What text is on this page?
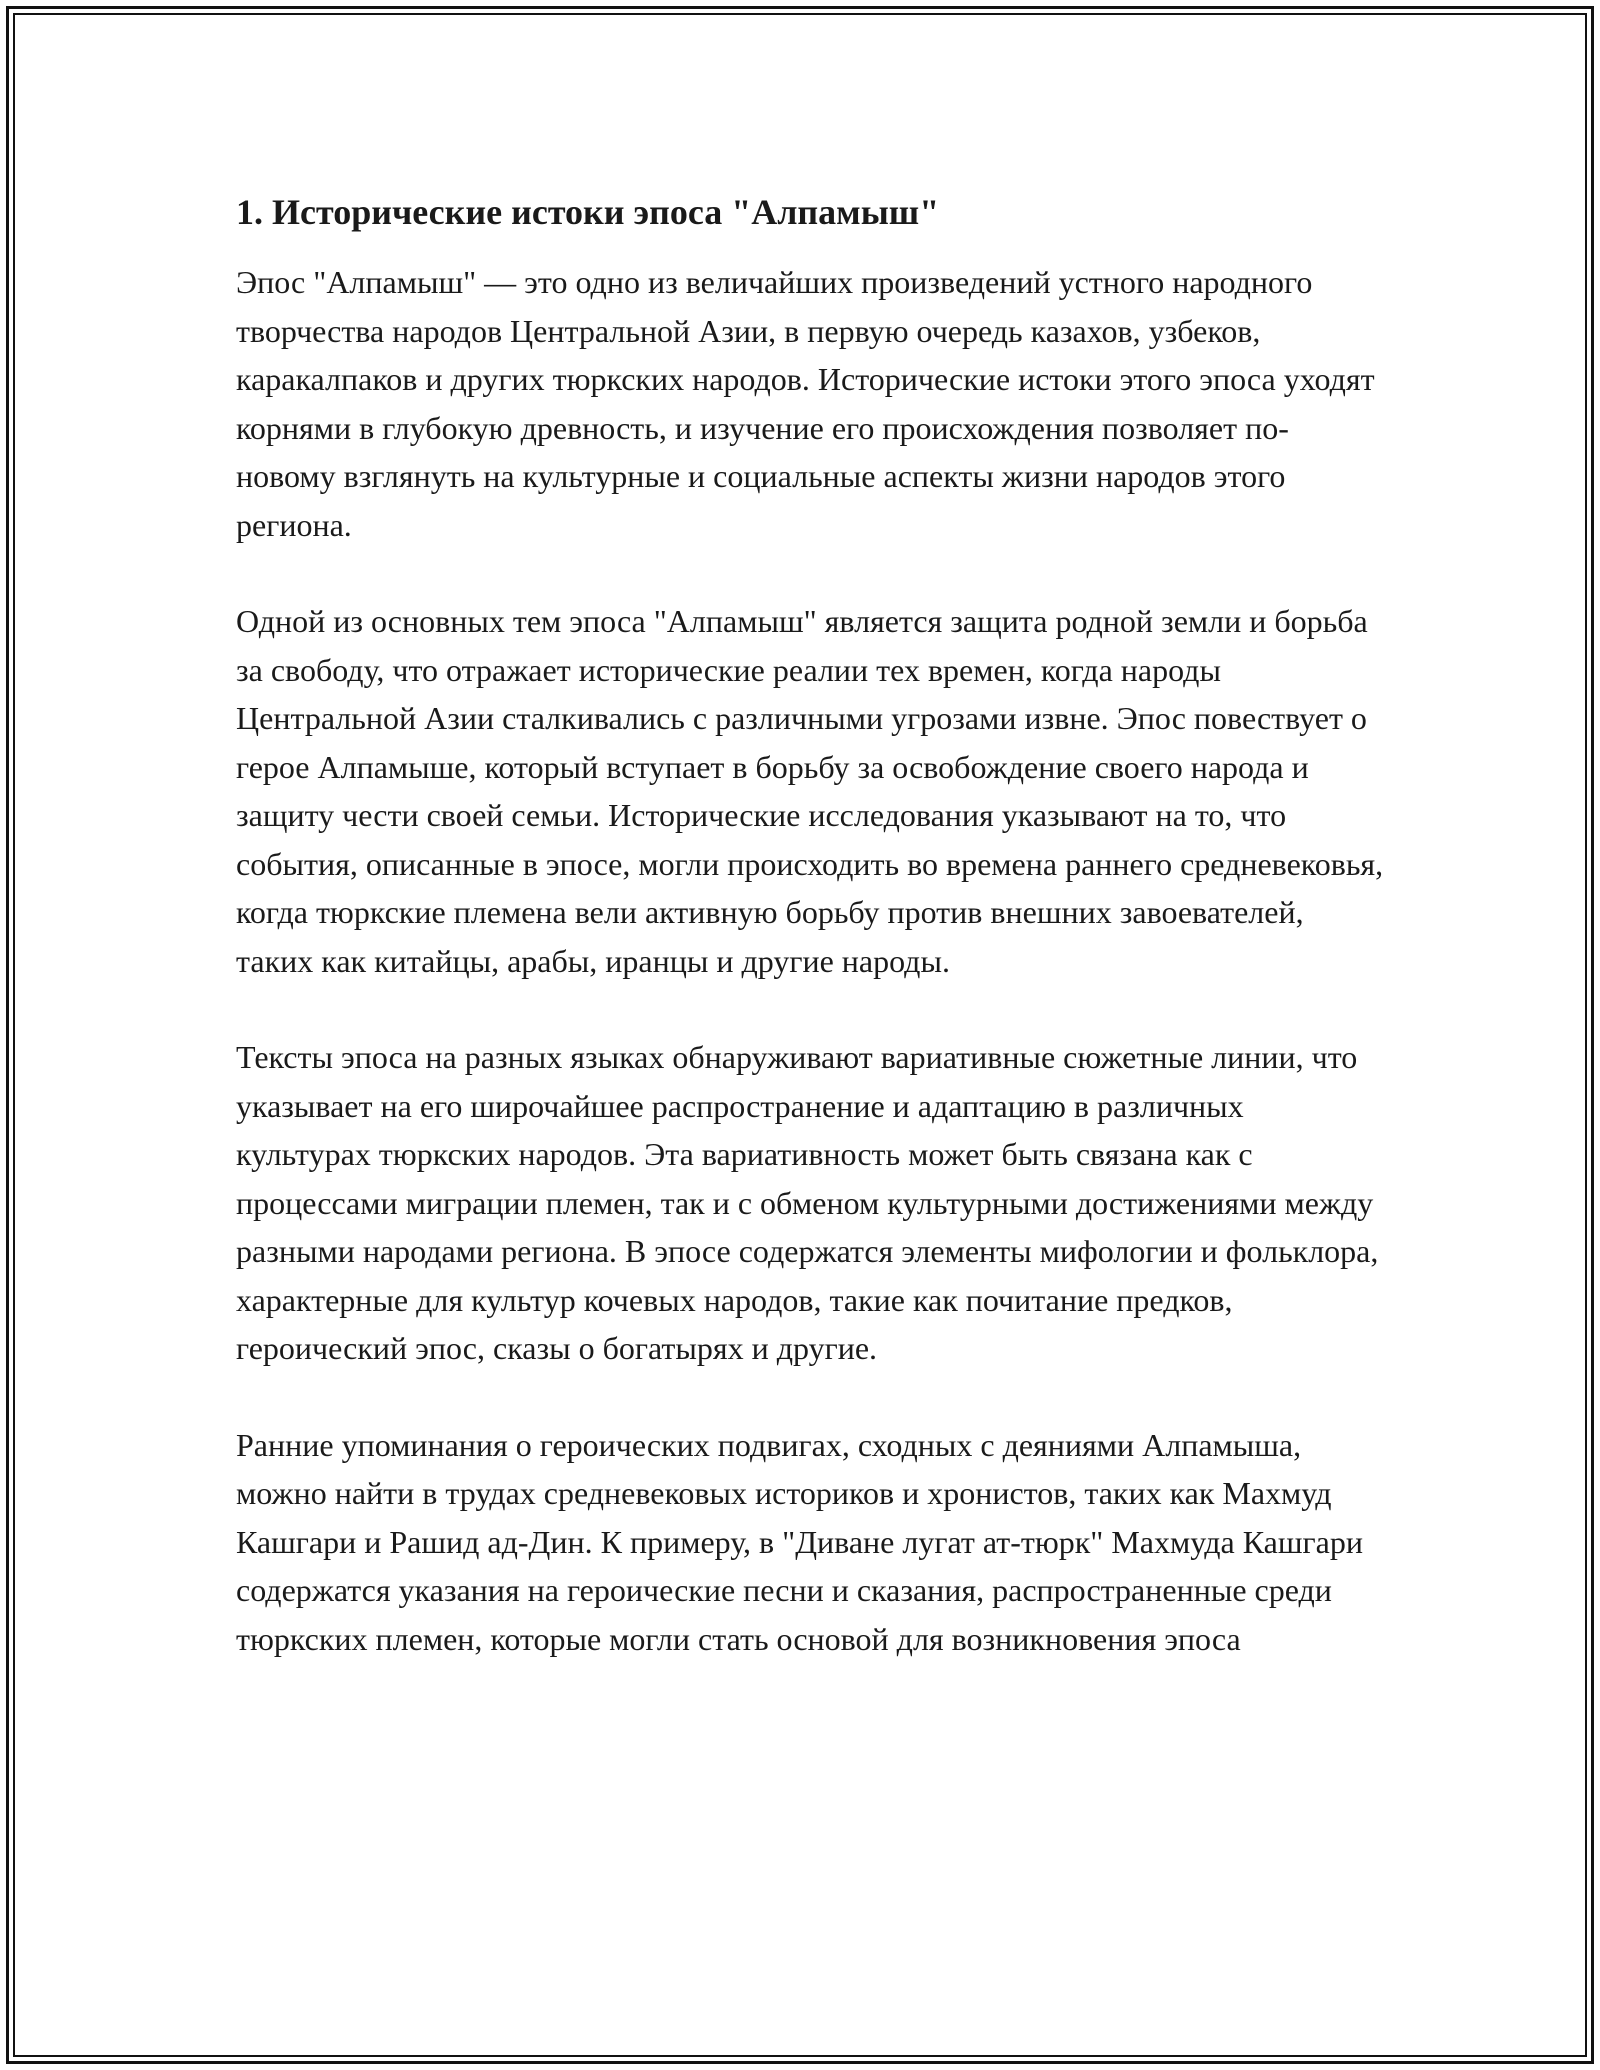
1. Исторические истоки эпоса "Алпамыш"

Эпос "Алпамыш" — это одно из величайших произведений устного народного творчества народов Центральной Азии, в первую очередь казахов, узбеков, каракалпаков и других тюркских народов. Исторические истоки этого эпоса уходят корнями в глубокую древность, и изучение его происхождения позволяет по-новому взглянуть на культурные и социальные аспекты жизни народов этого региона.

Одной из основных тем эпоса "Алпамыш" является защита родной земли и борьба за свободу, что отражает исторические реалии тех времен, когда народы Центральной Азии сталкивались с различными угрозами извне. Эпос повествует о герое Алпамыше, который вступает в борьбу за освобождение своего народа и защиту чести своей семьи. Исторические исследования указывают на то, что события, описанные в эпосе, могли происходить во времена раннего средневековья, когда тюркские племена вели активную борьбу против внешних завоевателей, таких как китайцы, арабы, иранцы и другие народы.

Тексты эпоса на разных языках обнаруживают вариативные сюжетные линии, что указывает на его широчайшее распространение и адаптацию в различных культурах тюркских народов. Эта вариативность может быть связана как с процессами миграции племен, так и с обменом культурными достижениями между разными народами региона. В эпосе содержатся элементы мифологии и фольклора, характерные для культур кочевых народов, такие как почитание предков, героический эпос, сказы о богатырях и другие.

Ранние упоминания о героических подвигах, сходных с деяниями Алпамыша, можно найти в трудах средневековых историков и хронистов, таких как Махмуд Кашгари и Рашид ад-Дин. К примеру, в "Диване лугат ат-тюрк" Махмуда Кашгари содержатся указания на героические песни и сказания, распространенные среди тюркских племен, которые могли стать основой для возникновения эпоса
